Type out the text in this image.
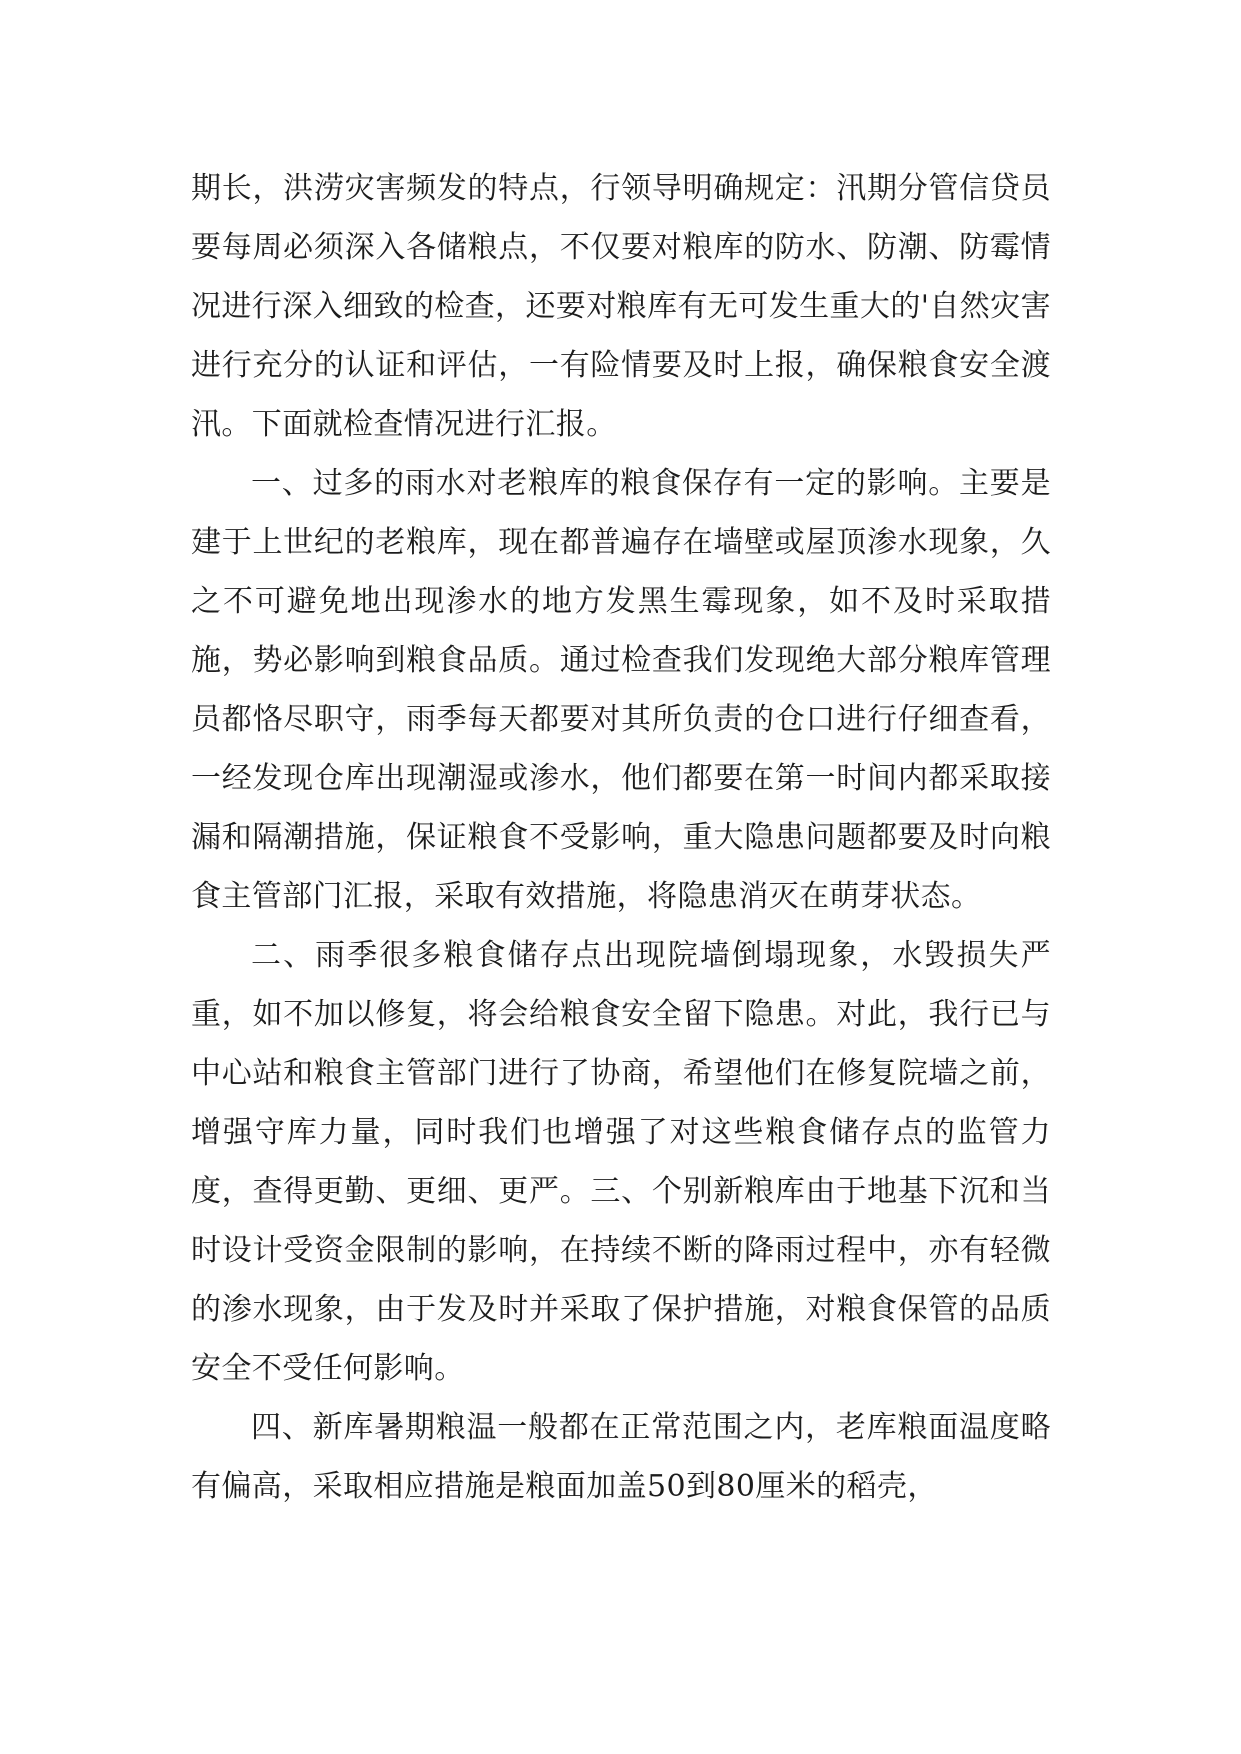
期长，洪涝灾害频发的特点，行领导明确规定：汛期分管信贷员要每周必须深入各储粮点，不仅要对粮库的防水、防潮、防霉情况进行深入细致的检查，还要对粮库有无可发生重大的'自然灾害进行充分的认证和评估，一有险情要及时上报，确保粮食安全渡汛。下面就检查情况进行汇报。

一、过多的雨水对老粮库的粮食保存有一定的影响。主要是建于上世纪的老粮库，现在都普遍存在墙壁或屋顶渗水现象，久之不可避免地出现渗水的地方发黑生霉现象，如不及时采取措施，势必影响到粮食品质。通过检查我们发现绝大部分粮库管理员都恪尽职守，雨季每天都要对其所负责的仓口进行仔细查看，一经发现仓库出现潮湿或渗水，他们都要在第一时间内都采取接漏和隔潮措施，保证粮食不受影响，重大隐患问题都要及时向粮食主管部门汇报，采取有效措施，将隐患消灭在萌芽状态。

二、雨季很多粮食储存点出现院墙倒塌现象，水毁损失严重，如不加以修复，将会给粮食安全留下隐患。对此，我行已与中心站和粮食主管部门进行了协商，希望他们在修复院墙之前，增强守库力量，同时我们也增强了对这些粮食储存点的监管力度，查得更勤、更细、更严。三、个别新粮库由于地基下沉和当时设计受资金限制的影响，在持续不断的降雨过程中，亦有轻微的渗水现象，由于发及时并采取了保护措施，对粮食保管的品质安全不受任何影响。

四、新库暑期粮温一般都在正常范围之内，老库粮面温度略有偏高，采取相应措施是粮面加盖50到80厘米的稻壳，
